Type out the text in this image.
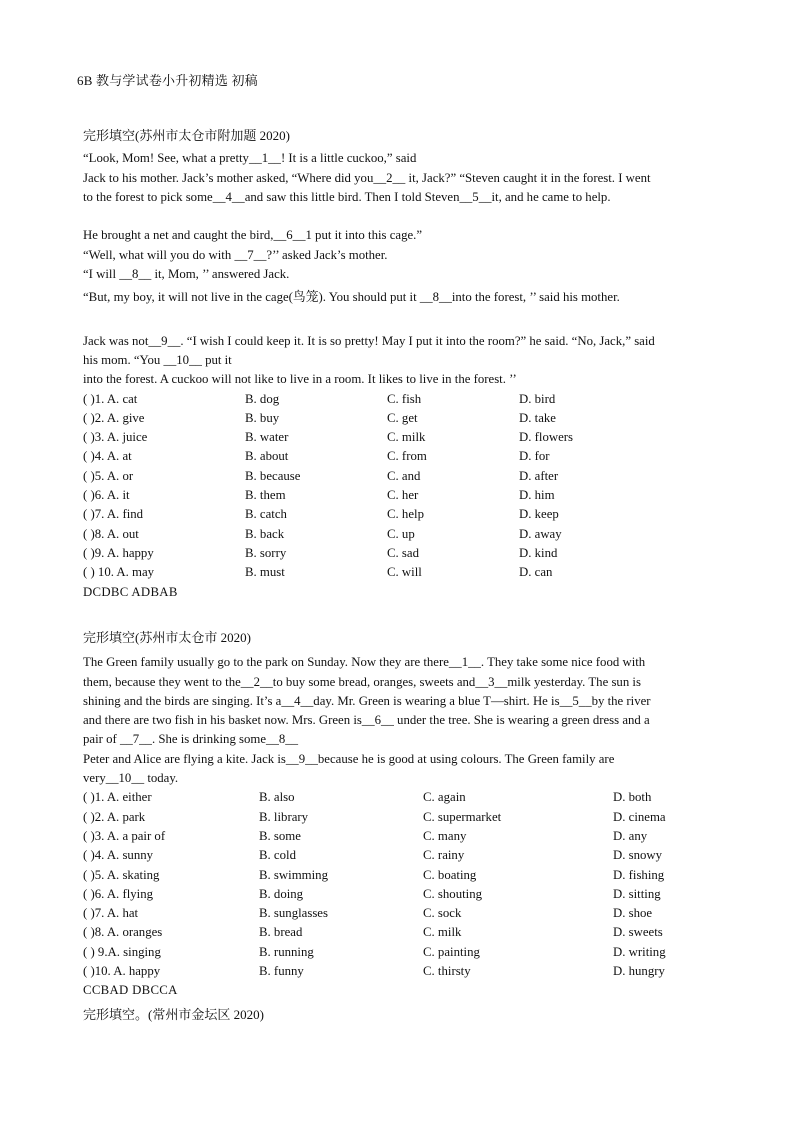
6B 教与学试卷小升初精选 初稿

完形填空(苏州市太仓市附加题 2020)

“Look, Mom! See, what a pretty__1__! It is a little cuckoo,” said

Jack to his mother. Jack’s mother asked, “Where did you__2__ it, Jack?” “Steven caught it in the forest. I went

to the forest to pick some__4__and saw this little bird. Then I told Steven__5__it, and he came to help.

He brought a net and caught the bird,__6__1 put it into this cage.”

“Well, what will you do with __7__?’’ asked Jack’s mother.

“I will __8__ it, Mom, ’’ answered Jack.

“But, my boy, it will not live in the cage(鸟笼). You should put it __8__into the forest, ’’ said his mother.

Jack was not__9__. “I wish I could keep it. It is so pretty! May I put it into the room?” he said. “No, Jack,” said

his mom. “You __10__ put it

into the forest. A cuckoo will not like to live in a room. It likes to live in the forest. ’’

( )1. A. cat	B. dog	C. fish	D. bird
( )2. A. give	B. buy	C. get	D. take
( )3. A. juice	B. water	C. milk	D. flowers
( )4. A. at	B. about	C. from	D. for
( )5. A. or	B. because	C. and	D. after
( )6. A. it	B. them	C. her	D. him
( )7. A. find	B. catch	C. help	D. keep
( )8. A. out	B. back	C. up	D. away
( )9. A. happy	B. sorry	C. sad	D. kind
( ) 10. A. may	B. must	C. will	D. can

DCDBC ADBAB

完形填空(苏州市太仓市 2020)

The Green family usually go to the park on Sunday. Now they are there__1__. They take some nice food with

them, because they went to the__2__to buy some bread, oranges, sweets and__3__milk yesterday. The sun is

shining and the birds are singing. It’s a__4__day. Mr. Green is wearing a blue T—shirt. He is__5__by the river

and there are two fish in his basket now. Mrs. Green is__6__ under the tree. She is wearing a green dress and a

pair of __7__. She is drinking some__8__

Peter and Alice are flying a kite. Jack is__9__because he is good at using colours. The Green family are

very__10__ today.

( )1. A. either	B. also	C. again	D. both
( )2. A. park	B. library	C. supermarket	D. cinema
( )3. A. a pair of	B. some	C. many	D. any
( )4. A. sunny	B. cold	C. rainy	D. snowy
( )5. A. skating	B. swimming	C. boating	D. fishing
( )6. A. flying	B. doing	C. shouting	D. sitting
( )7. A. hat	B. sunglasses	C. sock	D. shoe
( )8. A. oranges	B. bread	C. milk	D. sweets
( ) 9.A. singing	B. running	C. painting	D. writing
( )10. A. happy	B. funny	C. thirsty	D. hungry

CCBAD DBCCA

完形填空。(常州市金坛区 2020)
